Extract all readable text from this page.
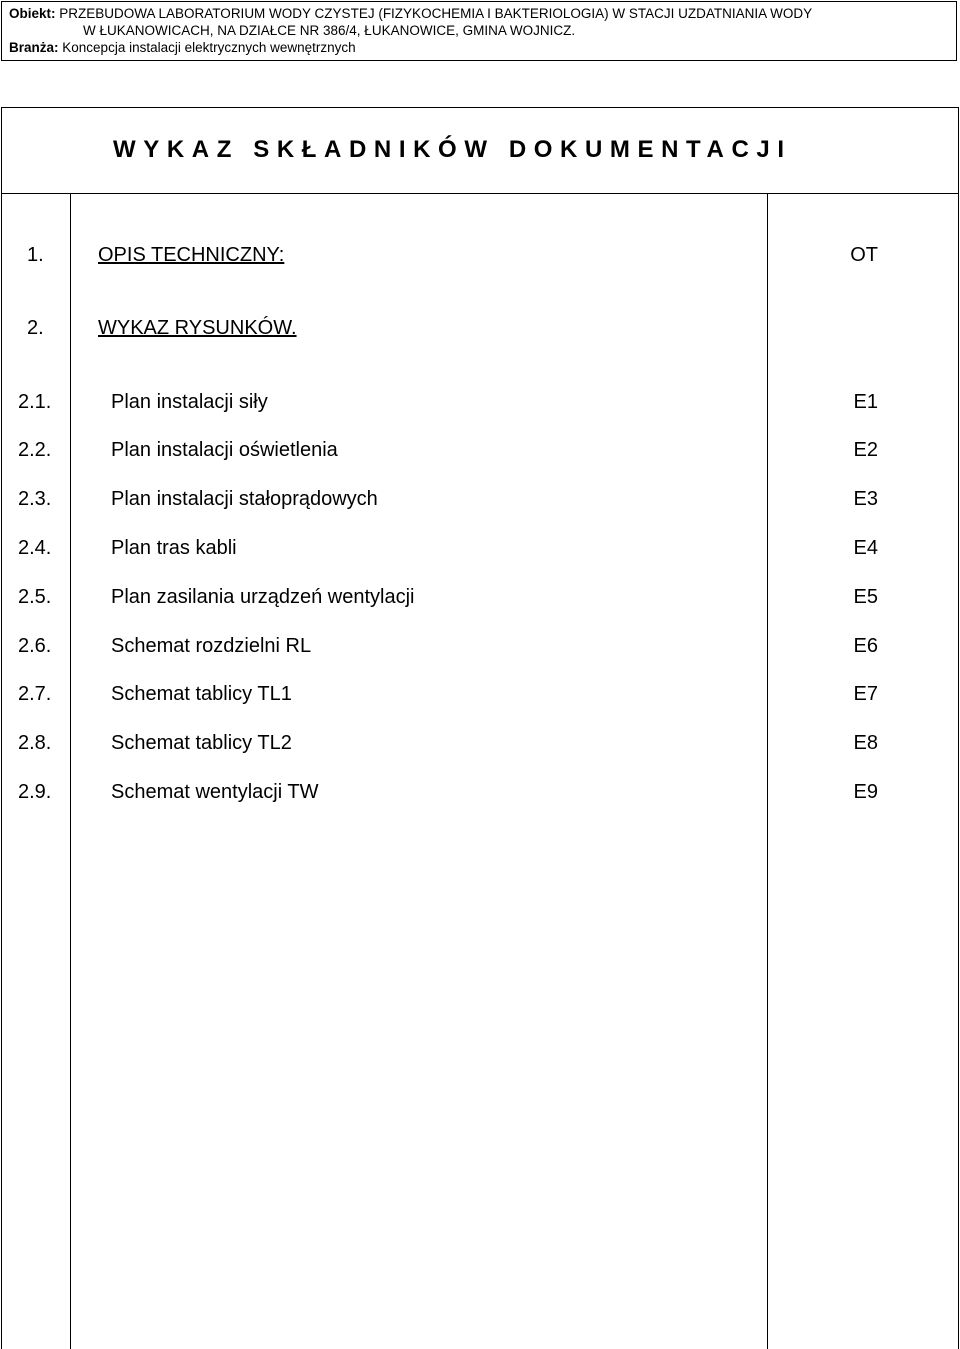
Obiekt: PRZEBUDOWA LABORATORIUM WODY CZYSTEJ (FIZYKOCHEMIA I BAKTERIOLOGIA) W STACJI UZDATNIANIA WODY
W ŁUKANOWICACH, NA DZIAŁCE NR 386/4, ŁUKANOWICE, GMINA WOJNICZ.
Branża: Koncepcja instalacji elektrycznych wewnętrznych
WYKAZ SKŁADNIKÓW DOKUMENTACJI
1.	OPIS TECHNICZNY:	OT
2.	WYKAZ RYSUNKÓW.
2.1.	Plan instalacji siły	E1
2.2.	Plan instalacji oświetlenia	E2
2.3.	Plan instalacji stałoprądowych	E3
2.4.	Plan tras kabli	E4
2.5.	Plan zasilania urządzeń wentylacji	E5
2.6.	Schemat rozdzielni RL	E6
2.7.	Schemat tablicy TL1	E7
2.8.	Schemat tablicy TL2	E8
2.9.	Schemat wentylacji TW	E9
